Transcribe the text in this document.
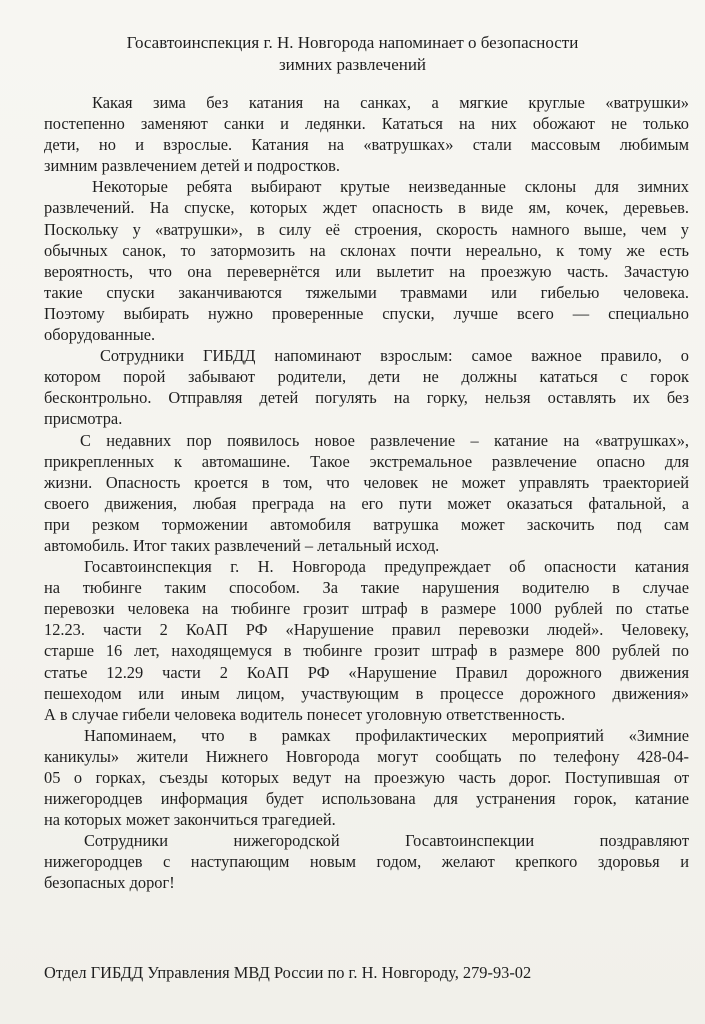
Госавтоинспекция г. Н. Новгорода напоминает о безопасности
зимних развлечений
Какая зима без катания на санках, а мягкие круглые «ватрушки»
постепенно заменяют санки и ледянки. Кататься на них обожают не только
дети, но и взрослые. Катания на «ватрушках» стали массовым любимым
зимним развлечением детей и подростков.
Некоторые ребята выбирают крутые неизведанные склоны для зимних
развлечений. На спуске, которых ждет опасность в виде ям, кочек, деревьев.
Поскольку у «ватрушки», в силу её строения, скорость намного выше, чем у
обычных санок, то затормозить на склонах почти нереально, к тому же есть
вероятность, что она перевернётся или вылетит на проезжую часть. Зачастую
такие спуски заканчиваются тяжелыми травмами или гибелью человека.
Поэтому выбирать нужно проверенные спуски, лучше всего — специально
оборудованные.
Сотрудники ГИБДД напоминают взрослым: самое важное правило, о
котором порой забывают родители, дети не должны кататься с горок
бесконтрольно. Отправляя детей погулять на горку, нельзя оставлять их без
присмотра.
С недавних пор появилось новое развлечение – катание на «ватрушках»,
прикрепленных к автомашине. Такое экстремальное развлечение опасно для
жизни. Опасность кроется в том, что человек не может управлять траекторией
своего движения, любая преграда на его пути может оказаться фатальной, а
при резком торможении автомобиля ватрушка может заскочить под сам
автомобиль. Итог таких развлечений – летальный исход.
Госавтоинспекция г. Н. Новгорода предупреждает об опасности катания
на тюбинге таким способом. За такие нарушения водителю в случае
перевозки человека на тюбинге грозит штраф в размере 1000 рублей по статье
12.23. части 2 КоАП РФ «Нарушение правил перевозки людей». Человеку,
старше 16 лет, находящемуся в тюбинге грозит штраф в размере 800 рублей по
статье 12.29 части 2 КоАП РФ «Нарушение Правил дорожного движения
пешеходом или иным лицом, участвующим в процессе дорожного движения»
А в случае гибели человека водитель понесет уголовную ответственность.
Напоминаем, что в рамках профилактических мероприятий «Зимние
каникулы» жители Нижнего Новгорода могут сообщать по телефону 428-04-
05 о горках, съезды которых ведут на проезжую часть дорог. Поступившая от
нижегородцев информация будет использована для устранения горок, катание
на которых может закончиться трагедией.
Сотрудники нижегородской Госавтоинспекции поздравляют
нижегородцев с наступающим новым годом, желают крепкого здоровья и
безопасных дорог!
Отдел ГИБДД Управления МВД России по г. Н. Новгороду, 279-93-02
